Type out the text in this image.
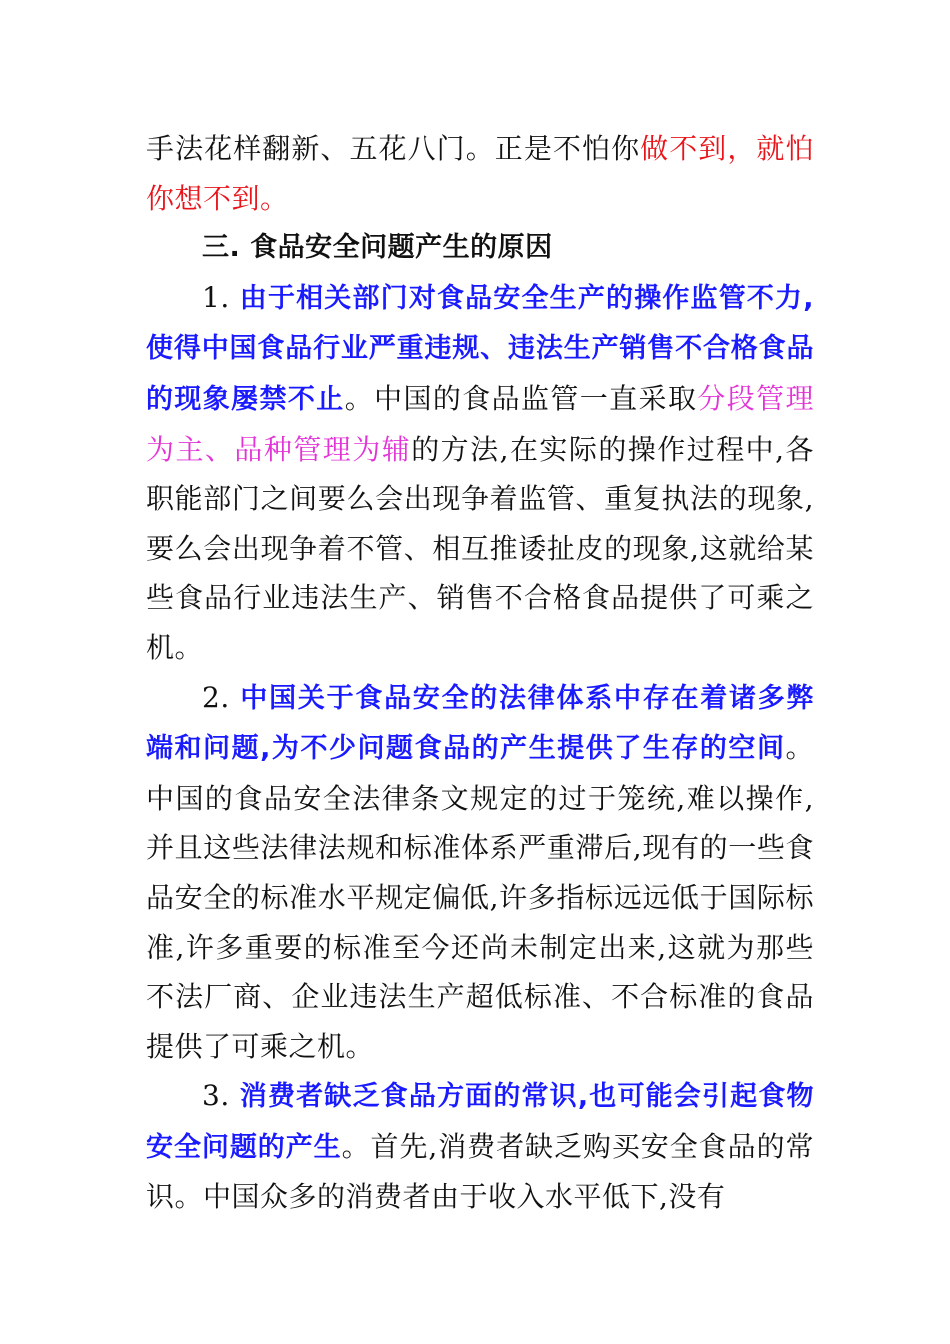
手法花样翻新、五花八门。正是不怕你做不到，就怕你想不到。

三. 食品安全问题产生的原因

1. 由于相关部门对食品安全生产的操作监管不力,使得中国食品行业严重违规、违法生产销售不合格食品的现象屡禁不止。中国的食品监管一直采取分段管理为主、品种管理为辅的方法,在实际的操作过程中,各职能部门之间要么会出现争着监管、重复执法的现象,要么会出现争着不管、相互推诿扯皮的现象,这就给某些食品行业违法生产、销售不合格食品提供了可乘之机。

2. 中国关于食品安全的法律体系中存在着诸多弊端和问题,为不少问题食品的产生提供了生存的空间。中国的食品安全法律条文规定的过于笼统,难以操作,并且这些法律法规和标准体系严重滞后,现有的一些食品安全的标准水平规定偏低,许多指标远远低于国际标准,许多重要的标准至今还尚未制定出来,这就为那些不法厂商、企业违法生产超低标准、不合标准的食品提供了可乘之机。

3. 消费者缺乏食品方面的常识,也可能会引起食物安全问题的产生。首先,消费者缺乏购买安全食品的常识。中国众多的消费者由于收入水平低下,没有
